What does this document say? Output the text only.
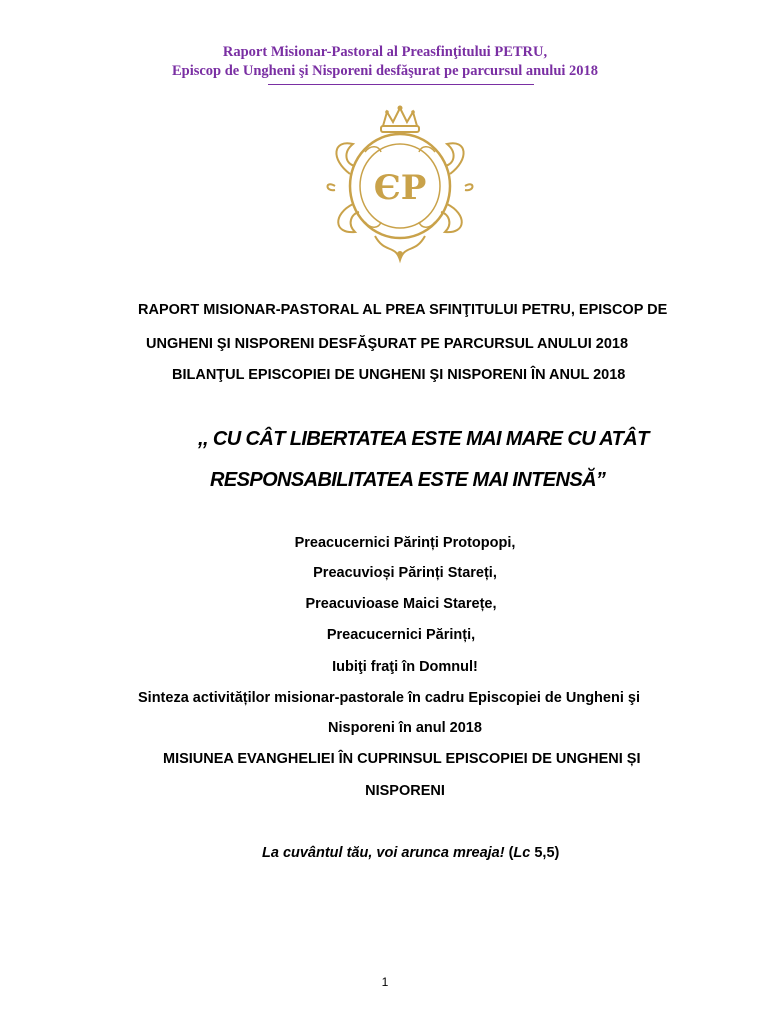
Raport Misionar-Pastoral al Preasfinţitului PETRU,
Episcop de Ungheni şi Nisporeni desfăşurat pe parcursul anului 2018
ЄР
RAPORT MISIONAR-PASTORAL AL PREA SFINŢITULUI PETRU, EPISCOP DE
UNGHENI ŞI NISPORENI DESFĂŞURAT PE PARCURSUL ANULUI 2018
BILANŢUL EPISCOPIEI DE UNGHENI ŞI NISPORENI ÎN ANUL 2018
,, CU CÂT LIBERTATEA ESTE MAI MARE CU ATÂT
RESPONSABILITATEA ESTE MAI INTENSĂ”
Preacucernici Părinți Protopopi,
Preacuvioși Părinți Stareți,
Preacuvioase Maici Starețe,
Preacucernici Părinți,
Iubiţi fraţi în Domnul!
Sinteza activităților misionar-pastorale în cadru Episcopiei de Ungheni şi
Nisporeni în anul 2018
MISIUNEA EVANGHELIEI ÎN CUPRINSUL EPISCOPIEI DE UNGHENI ȘI
NISPORENI
La cuvântul tău, voi arunca mreaja! (Lc 5,5)
1
